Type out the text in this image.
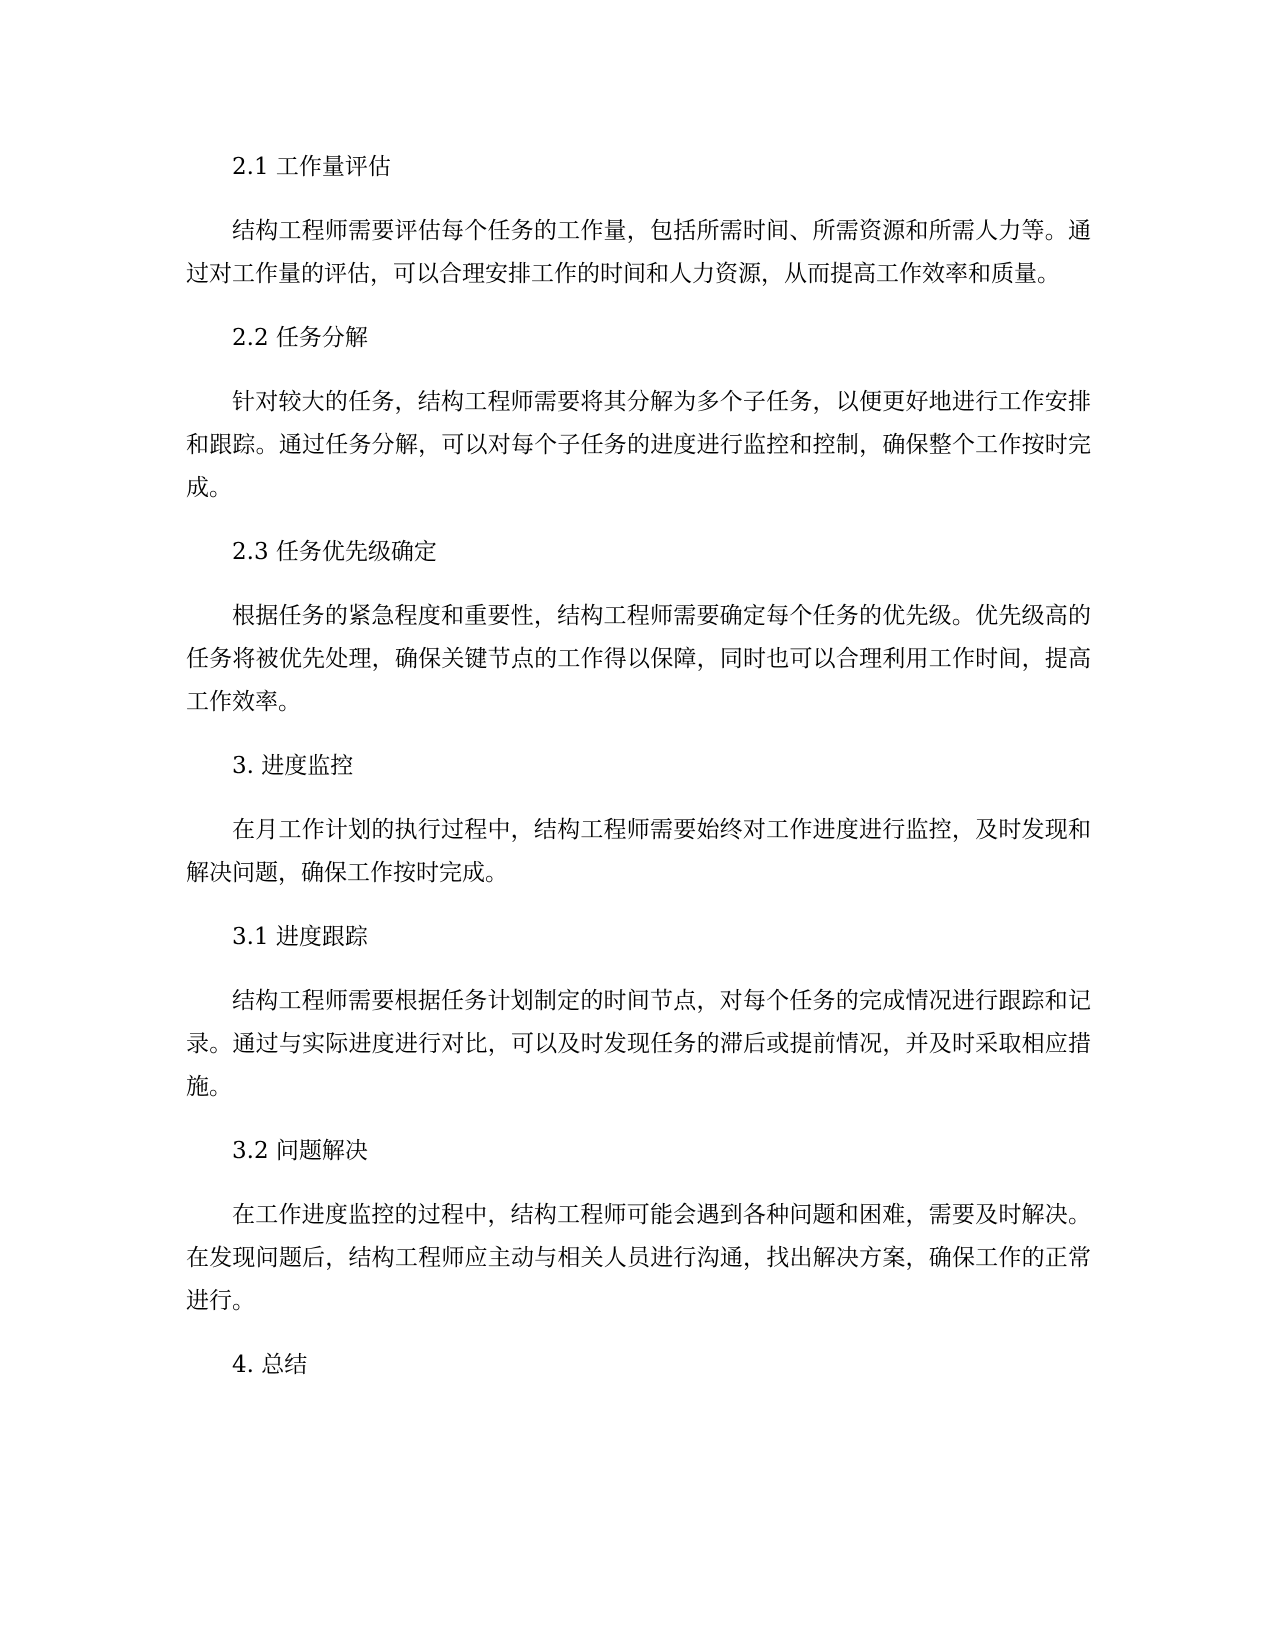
2.1 工作量评估

结构工程师需要评估每个任务的工作量，包括所需时间、所需资源和所需人力等。通过对工作量的评估，可以合理安排工作的时间和人力资源，从而提高工作效率和质量。

2.2 任务分解

针对较大的任务，结构工程师需要将其分解为多个子任务，以便更好地进行工作安排和跟踪。通过任务分解，可以对每个子任务的进度进行监控和控制，确保整个工作按时完成。

2.3 任务优先级确定

根据任务的紧急程度和重要性，结构工程师需要确定每个任务的优先级。优先级高的任务将被优先处理，确保关键节点的工作得以保障，同时也可以合理利用工作时间，提高工作效率。

3. 进度监控

在月工作计划的执行过程中，结构工程师需要始终对工作进度进行监控，及时发现和解决问题，确保工作按时完成。

3.1 进度跟踪

结构工程师需要根据任务计划制定的时间节点，对每个任务的完成情况进行跟踪和记录。通过与实际进度进行对比，可以及时发现任务的滞后或提前情况，并及时采取相应措施。

3.2 问题解决

在工作进度监控的过程中，结构工程师可能会遇到各种问题和困难，需要及时解决。在发现问题后，结构工程师应主动与相关人员进行沟通，找出解决方案，确保工作的正常进行。

4. 总结
